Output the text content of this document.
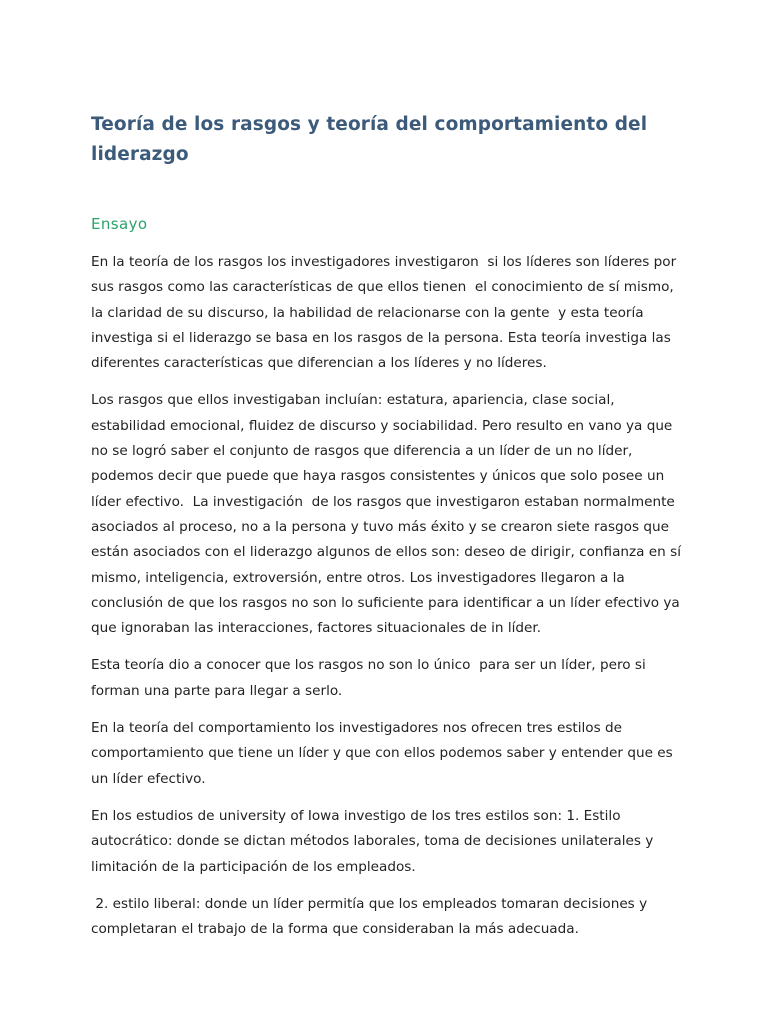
Teoría de los rasgos y teoría del comportamiento del liderazgo
Ensayo

En la teoría de los rasgos los investigadores investigaron  si los líderes son líderes por sus rasgos como las características de que ellos tienen  el conocimiento de sí mismo, la claridad de su discurso, la habilidad de relacionarse con la gente  y esta teoría investiga si el liderazgo se basa en los rasgos de la persona. Esta teoría investiga las diferentes características que diferencian a los líderes y no líderes.

Los rasgos que ellos investigaban incluían: estatura, apariencia, clase social, estabilidad emocional, fluidez de discurso y sociabilidad. Pero resulto en vano ya que no se logró saber el conjunto de rasgos que diferencia a un líder de un no líder, podemos decir que puede que haya rasgos consistentes y únicos que solo posee un líder efectivo.  La investigación  de los rasgos que investigaron estaban normalmente asociados al proceso, no a la persona y tuvo más éxito y se crearon siete rasgos que están asociados con el liderazgo algunos de ellos son: deseo de dirigir, confianza en sí mismo, inteligencia, extroversión, entre otros. Los investigadores llegaron a la conclusión de que los rasgos no son lo suficiente para identificar a un líder efectivo ya que ignoraban las interacciones, factores situacionales de in líder.

Esta teoría dio a conocer que los rasgos no son lo único  para ser un líder, pero si forman una parte para llegar a serlo.

En la teoría del comportamiento los investigadores nos ofrecen tres estilos de comportamiento que tiene un líder y que con ellos podemos saber y entender que es un líder efectivo.

En los estudios de university of Iowa investigo de los tres estilos son: 1. Estilo autocrático: donde se dictan métodos laborales, toma de decisiones unilaterales y limitación de la participación de los empleados.

2. estilo liberal: donde un líder permitía que los empleados tomaran decisiones y completaran el trabajo de la forma que consideraban la más adecuada.
